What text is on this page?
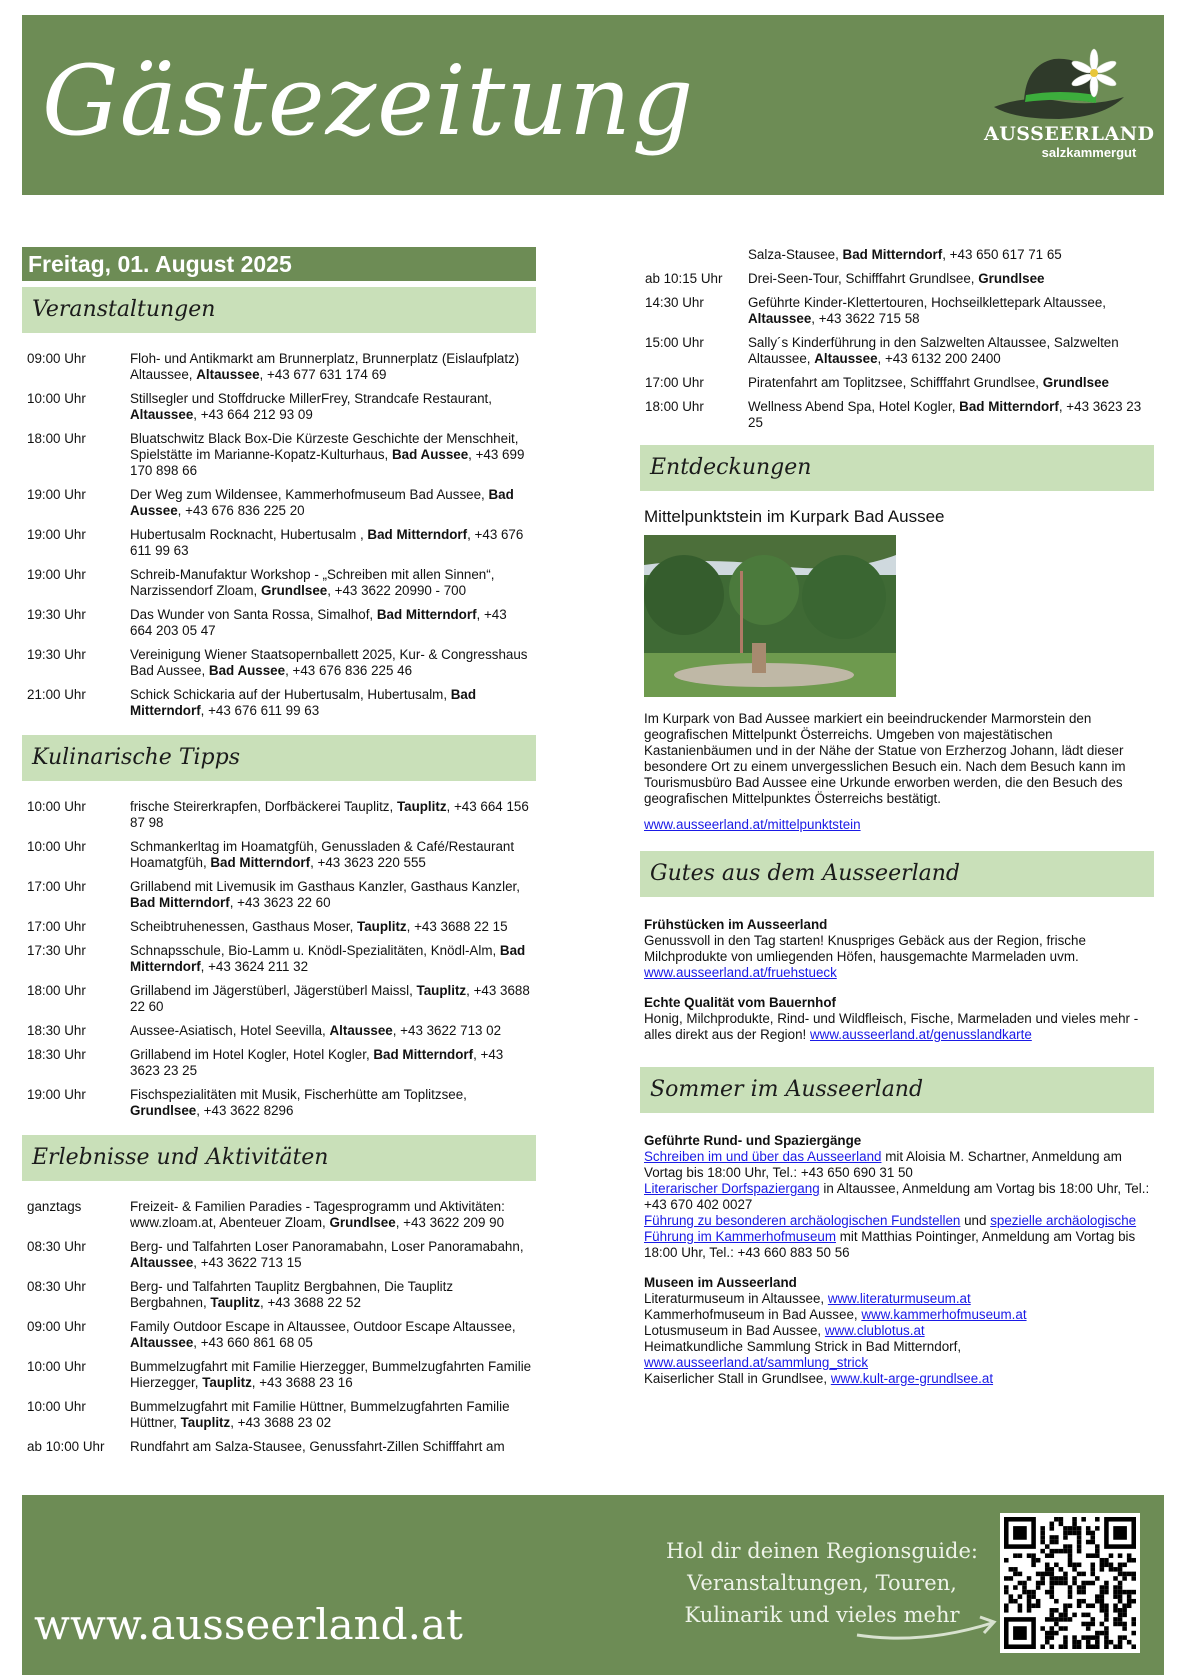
Gästezeitung	AUSSEERLAND
salzkammergut
Freitag, 01. August 2025
Veranstaltungen
09:00 Uhr	Floh- und Antikmarkt am Brunnerplatz, Brunnerplatz (Eislaufplatz) Altaussee, Altaussee, +43 677 631 174 69
10:00 Uhr	Stillsegler und Stoffdrucke MillerFrey, Strandcafe Restaurant, Altaussee, +43 664 212 93 09
18:00 Uhr	Bluatschwitz Black Box-Die Kürzeste Geschichte der Menschheit, Spielstätte im Marianne-Kopatz-Kulturhaus, Bad Aussee, +43 699 170 898 66
19:00 Uhr	Der Weg zum Wildensee, Kammerhofmuseum Bad Aussee, Bad Aussee, +43 676 836 225 20
19:00 Uhr	Hubertusalm Rocknacht, Hubertusalm , Bad Mitterndorf, +43 676 611 99 63
19:00 Uhr	Schreib-Manufaktur Workshop - „Schreiben mit allen Sinnen“, Narzissendorf Zloam, Grundlsee, +43 3622 20990 - 700
19:30 Uhr	Das Wunder von Santa Rossa, Simalhof, Bad Mitterndorf, +43 664 203 05 47
19:30 Uhr	Vereinigung Wiener Staatsopernballett 2025, Kur- & Congresshaus Bad Aussee, Bad Aussee, +43 676 836 225 46
21:00 Uhr	Schick Schickaria auf der Hubertusalm, Hubertusalm, Bad Mitterndorf, +43 676 611 99 63
Kulinarische Tipps
10:00 Uhr	frische Steirerkrapfen, Dorfbäckerei Tauplitz, Tauplitz, +43 664 156 87 98
10:00 Uhr	Schmankerltag im Hoamatgfüh, Genussladen & Café/Restaurant Hoamatgfüh, Bad Mitterndorf, +43 3623 220 555
17:00 Uhr	Grillabend mit Livemusik im Gasthaus Kanzler, Gasthaus Kanzler, Bad Mitterndorf, +43 3623 22 60
17:00 Uhr	Scheibtruhenessen, Gasthaus Moser, Tauplitz, +43 3688 22 15
17:30 Uhr	Schnapsschule, Bio-Lamm u. Knödl-Spezialitäten, Knödl-Alm, Bad Mitterndorf, +43 3624 211 32
18:00 Uhr	Grillabend im Jägerstüberl, Jägerstüberl Maissl, Tauplitz, +43 3688 22 60
18:30 Uhr	Aussee-Asiatisch, Hotel Seevilla, Altaussee, +43 3622 713 02
18:30 Uhr	Grillabend im Hotel Kogler, Hotel Kogler, Bad Mitterndorf, +43 3623 23 25
19:00 Uhr	Fischspezialitäten mit Musik, Fischerhütte am Toplitzsee, Grundlsee, +43 3622 8296
Erlebnisse und Aktivitäten
ganztags	Freizeit- & Familien Paradies - Tagesprogramm und Aktivitäten: www.zloam.at, Abenteuer Zloam, Grundlsee, +43 3622 209 90
08:30 Uhr	Berg- und Talfahrten Loser Panoramabahn, Loser Panoramabahn, Altaussee, +43 3622 713 15
08:30 Uhr	Berg- und Talfahrten Tauplitz Bergbahnen, Die Tauplitz Bergbahnen, Tauplitz, +43 3688 22 52
09:00 Uhr	Family Outdoor Escape in Altaussee, Outdoor Escape Altaussee, Altaussee, +43 660 861 68 05
10:00 Uhr	Bummelzugfahrt mit Familie Hierzegger, Bummelzugfahrten Familie Hierzegger, Tauplitz, +43 3688 23 16
10:00 Uhr	Bummelzugfahrt mit Familie Hüttner, Bummelzugfahrten Familie Hüttner, Tauplitz, +43 3688 23 02
ab 10:00 Uhr	Rundfahrt am Salza-Stausee, Genussfahrt-Zillen Schifffahrt am
Salza-Stausee, Bad Mitterndorf, +43 650 617 71 65
ab 10:15 Uhr	Drei-Seen-Tour, Schifffahrt Grundlsee, Grundlsee
14:30 Uhr	Geführte Kinder-Klettertouren, Hochseilklettepark Altaussee, Altaussee, +43 3622 715 58
15:00 Uhr	Sally´s Kinderführung in den Salzwelten Altaussee, Salzwelten Altaussee, Altaussee, +43 6132 200 2400
17:00 Uhr	Piratenfahrt am Toplitzsee, Schifffahrt Grundlsee, Grundlsee
18:00 Uhr	Wellness Abend Spa, Hotel Kogler, Bad Mitterndorf, +43 3623 23 25
Entdeckungen
Mittelpunktstein im Kurpark Bad Aussee
Im Kurpark von Bad Aussee markiert ein beeindruckender Marmorstein den geografischen Mittelpunkt Österreichs. Umgeben von majestätischen Kastanienbäumen und in der Nähe der Statue von Erzherzog Johann, lädt dieser besondere Ort zu einem unvergesslichen Besuch ein. Nach dem Besuch kann im Tourismusbüro Bad Aussee eine Urkunde erworben werden, die den Besuch des geografischen Mittelpunktes Österreichs bestätigt.
www.ausseerland.at/mittelpunktstein
Gutes aus dem Ausseerland
Frühstücken im Ausseerland
Genussvoll in den Tag starten! Knuspriges Gebäck aus der Region, frische Milchprodukte von umliegenden Höfen, hausgemachte Marmeladen uvm.
www.ausseerland.at/fruehstueck
Echte Qualität vom Bauernhof
Honig, Milchprodukte, Rind- und Wildfleisch, Fische, Marmeladen und vieles mehr - alles direkt aus der Region! www.ausseerland.at/genusslandkarte
Sommer im Ausseerland
Geführte Rund- und Spaziergänge
Schreiben im und über das Ausseerland mit Aloisia M. Schartner, Anmeldung am Vortag bis 18:00 Uhr, Tel.: +43 650 690 31 50
Literarischer Dorfspaziergang in Altaussee, Anmeldung am Vortag bis 18:00 Uhr, Tel.: +43 670 402 0027
Führung zu besonderen archäologischen Fundstellen und spezielle archäologische Führung im Kammerhofmuseum mit Matthias Pointinger, Anmeldung am Vortag bis 18:00 Uhr, Tel.: +43 660 883 50 56
Museen im Ausseerland
Literaturmuseum in Altaussee, www.literaturmuseum.at
Kammerhofmuseum in Bad Aussee, www.kammerhofmuseum.at
Lotusmuseum in Bad Aussee, www.clublotus.at
Heimatkundliche Sammlung Strick in Bad Mitterndorf, www.ausseerland.at/sammlung_strick
Kaiserlicher Stall in Grundlsee, www.kult-arge-grundlsee.at
www.ausseerland.at
Hol dir deinen Regionsguide:
Veranstaltungen, Touren,
Kulinarik und vieles mehr
